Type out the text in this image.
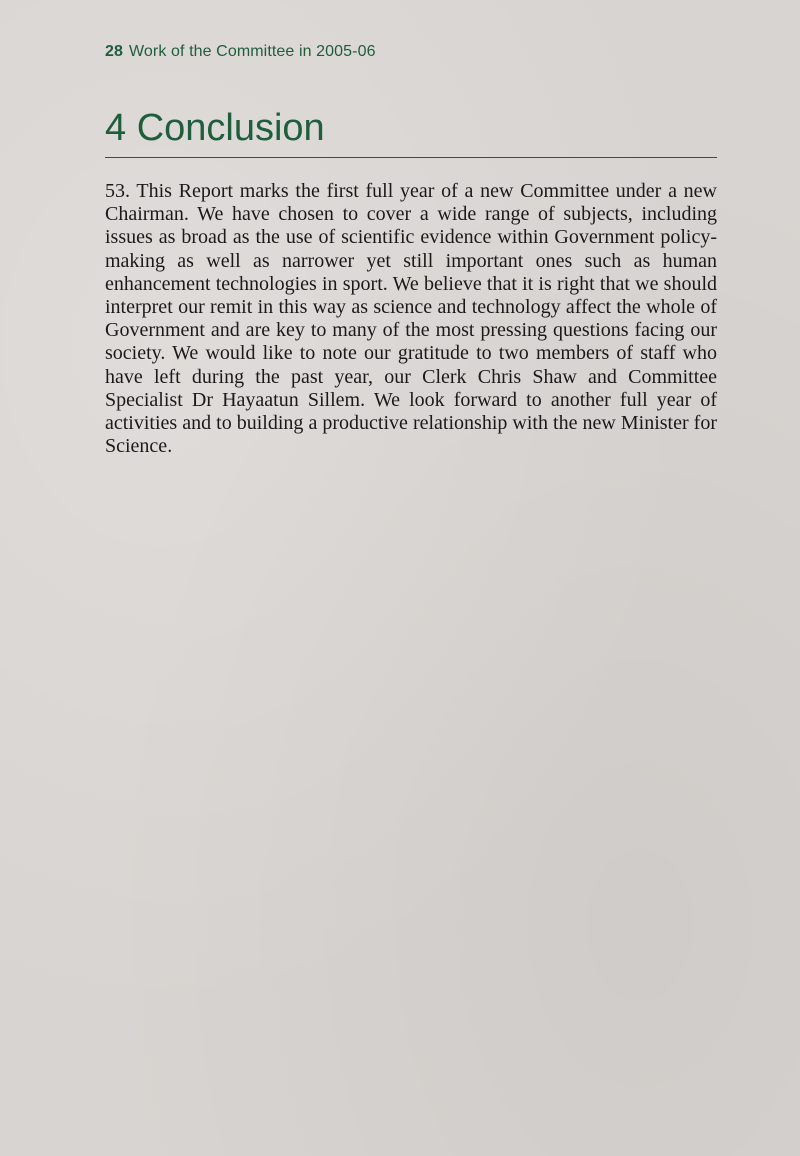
28 Work of the Committee in 2005-06
4 Conclusion

53. This Report marks the first full year of a new Committee under a new Chairman. We have chosen to cover a wide range of subjects, including issues as broad as the use of scientific evidence within Government policy-making as well as narrower yet still important ones such as human enhancement technologies in sport. We believe that it is right that we should interpret our remit in this way as science and technology affect the whole of Government and are key to many of the most pressing questions facing our society. We would like to note our gratitude to two members of staff who have left during the past year, our Clerk Chris Shaw and Committee Specialist Dr Hayaatun Sillem. We look forward to another full year of activities and to building a productive relationship with the new Minister for Science.
